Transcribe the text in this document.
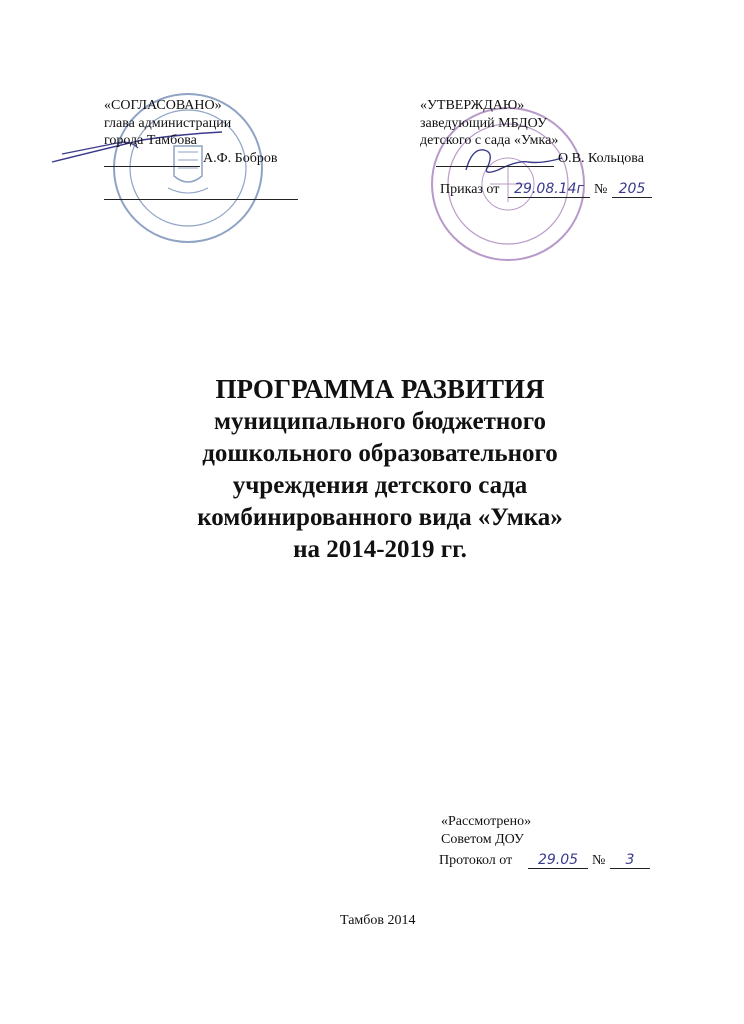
«СОГЛАСОВАНО»
глава администрации
города Тамбова
А.Ф. Бобров
«УТВЕРЖДАЮ»
заведующий МБДОУ
детского с сада «Умка»
О.В. Кольцова
Приказ от	29.08.14г № 205
ПРОГРАММА РАЗВИТИЯ
муниципального бюджетного
дошкольного образовательного
учреждения детского сада
комбинированного вида «Умка»
на 2014-2019 гг.
«Рассмотрено»
Советом ДОУ
Протокол от	29.05 №	3
Тамбов 2014
